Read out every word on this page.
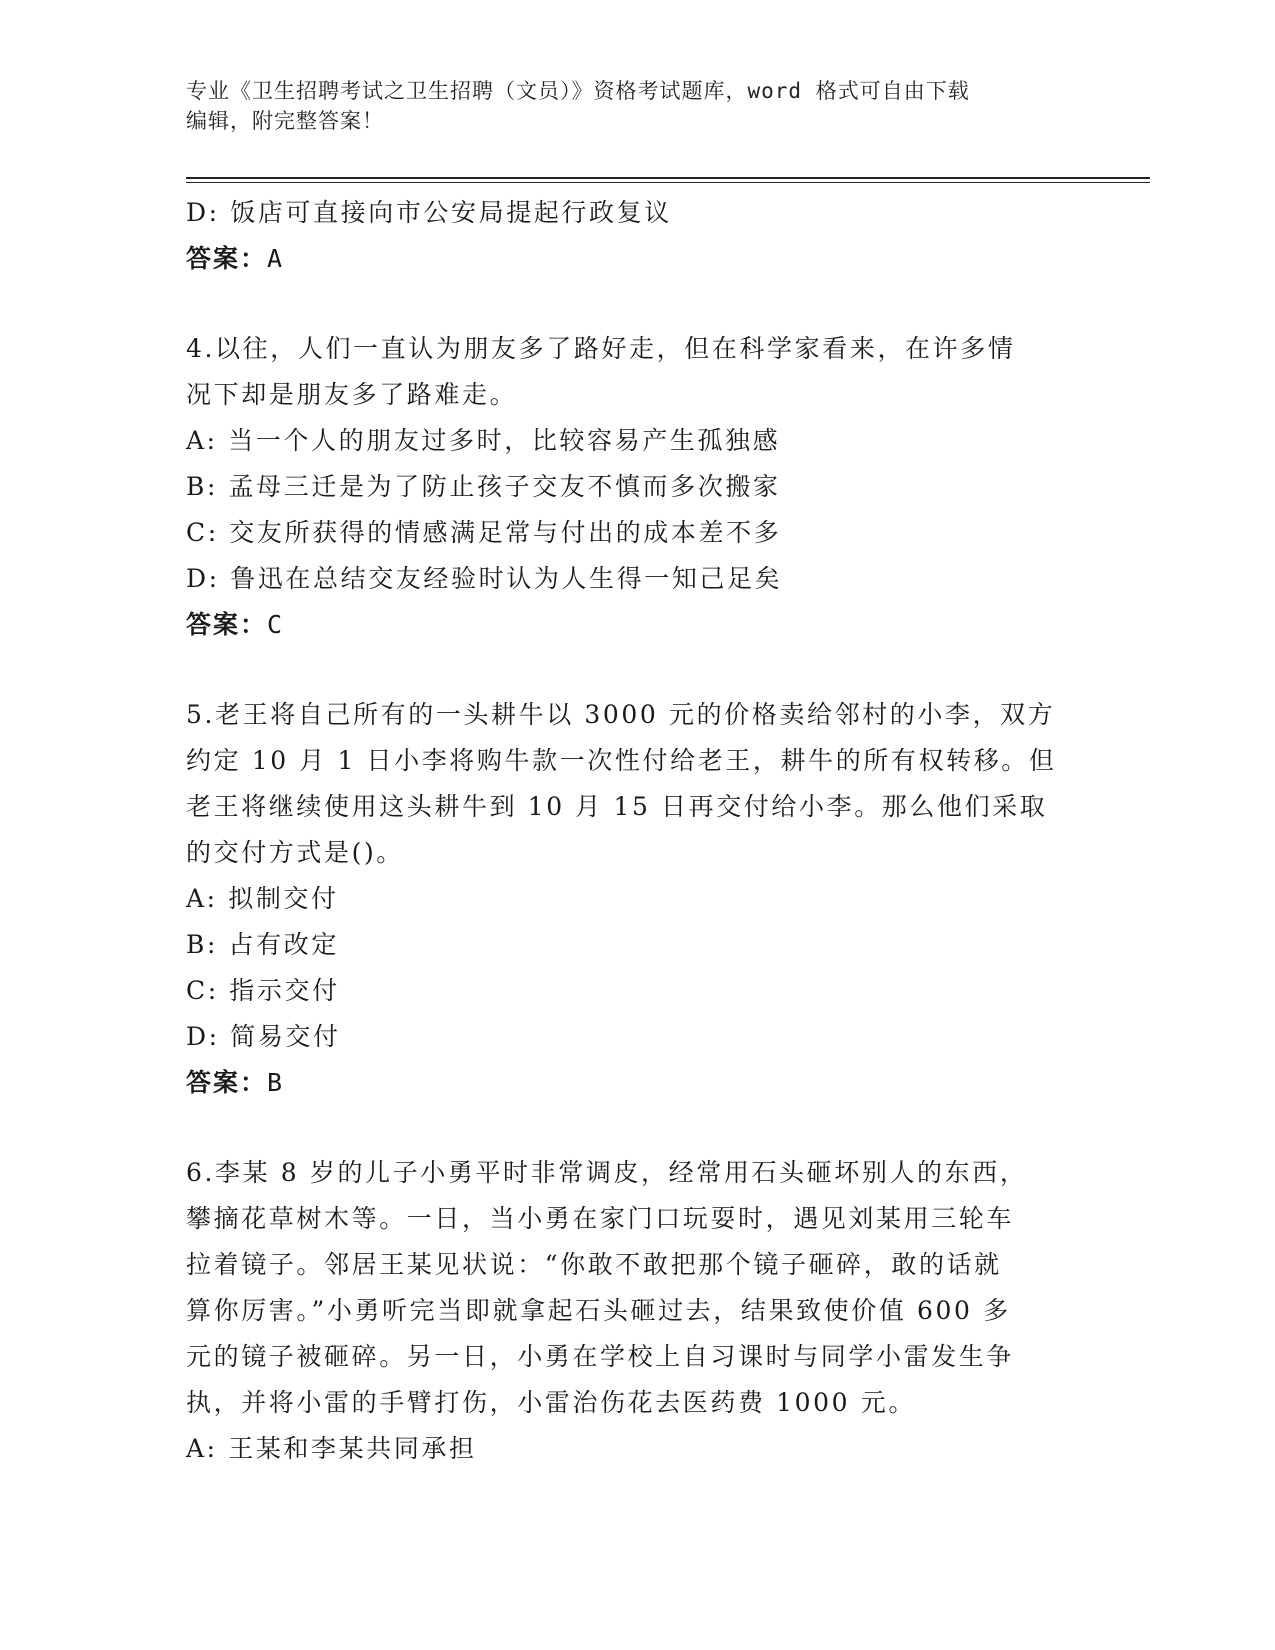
专业《卫生招聘考试之卫生招聘（文员）》资格考试题库，word 格式可自由下载
编辑，附完整答案！
D: 饭店可直接向市公安局提起行政复议
答案：A
4.以往，人们一直认为朋友多了路好走，但在科学家看来，在许多情
况下却是朋友多了路难走。
A: 当一个人的朋友过多时，比较容易产生孤独感
B: 孟母三迁是为了防止孩子交友不慎而多次搬家
C: 交友所获得的情感满足常与付出的成本差不多
D: 鲁迅在总结交友经验时认为人生得一知己足矣
答案：C
5.老王将自己所有的一头耕牛以 3000 元的价格卖给邻村的小李，双方
约定 10 月 1 日小李将购牛款一次性付给老王，耕牛的所有权转移。但
老王将继续使用这头耕牛到 10 月 15 日再交付给小李。那么他们采取
的交付方式是()。
A: 拟制交付
B: 占有改定
C: 指示交付
D: 简易交付
答案：B
6.李某 8 岁的儿子小勇平时非常调皮，经常用石头砸坏别人的东西，
攀摘花草树木等。一日，当小勇在家门口玩耍时，遇见刘某用三轮车
拉着镜子。邻居王某见状说：“你敢不敢把那个镜子砸碎，敢的话就
算你厉害。”小勇听完当即就拿起石头砸过去，结果致使价值 600 多
元的镜子被砸碎。另一日，小勇在学校上自习课时与同学小雷发生争
执，并将小雷的手臂打伤，小雷治伤花去医药费 1000 元。
A: 王某和李某共同承担
